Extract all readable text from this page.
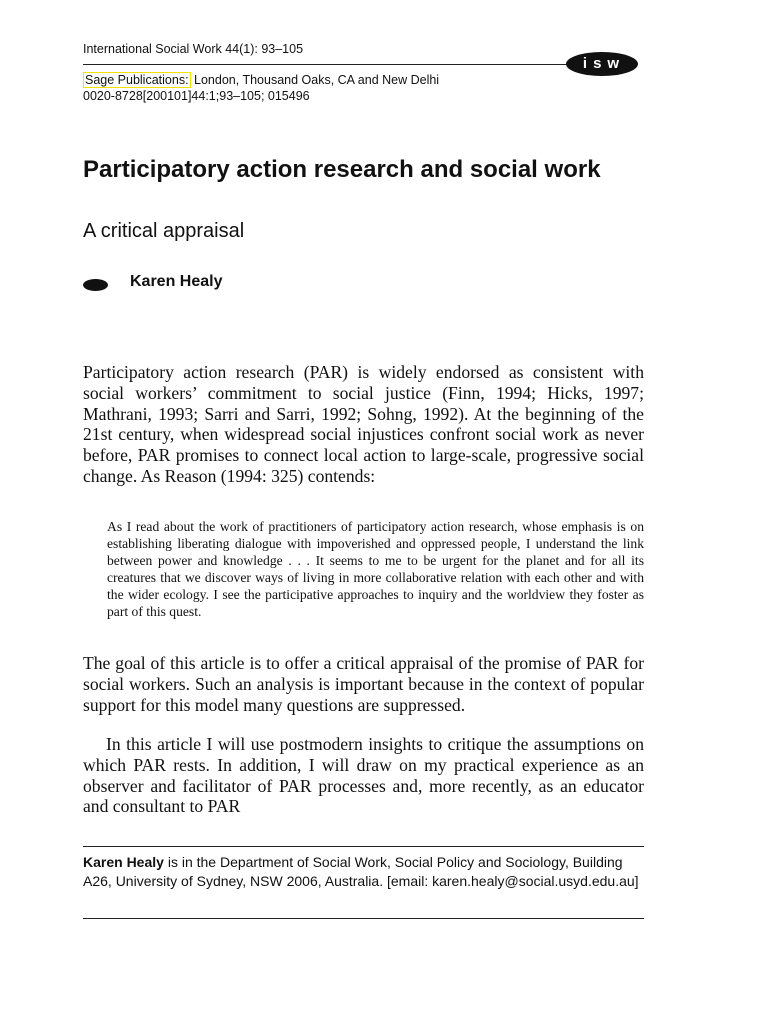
International Social Work 44(1): 93–105
isw
Sage Publications: London, Thousand Oaks, CA and New Delhi
0020-8728[200101]44:1;93–105; 015496
Participatory action research and social work
A critical appraisal
Karen Healy
Participatory action research (PAR) is widely endorsed as consistent with social workers’ commitment to social justice (Finn, 1994; Hicks, 1997; Mathrani, 1993; Sarri and Sarri, 1992; Sohng, 1992). At the beginning of the 21st century, when widespread social injustices confront social work as never before, PAR promises to connect local action to large-scale, progressive social change. As Reason (1994: 325) contends:
As I read about the work of practitioners of participatory action research, whose emphasis is on establishing liberating dialogue with impoverished and oppressed people, I understand the link between power and knowledge . . . It seems to me to be urgent for the planet and for all its creatures that we discover ways of living in more collaborative relation with each other and with the wider ecology. I see the participative approaches to inquiry and the worldview they foster as part of this quest.
The goal of this article is to offer a critical appraisal of the promise of PAR for social workers. Such an analysis is important because in the context of popular support for this model many questions are suppressed.
In this article I will use postmodern insights to critique the assumptions on which PAR rests. In addition, I will draw on my practical experience as an observer and facilitator of PAR processes and, more recently, as an educator and consultant to PAR
Karen Healy is in the Department of Social Work, Social Policy and Sociology, Building A26, University of Sydney, NSW 2006, Australia. [email: karen.healy@social.usyd.edu.au]
